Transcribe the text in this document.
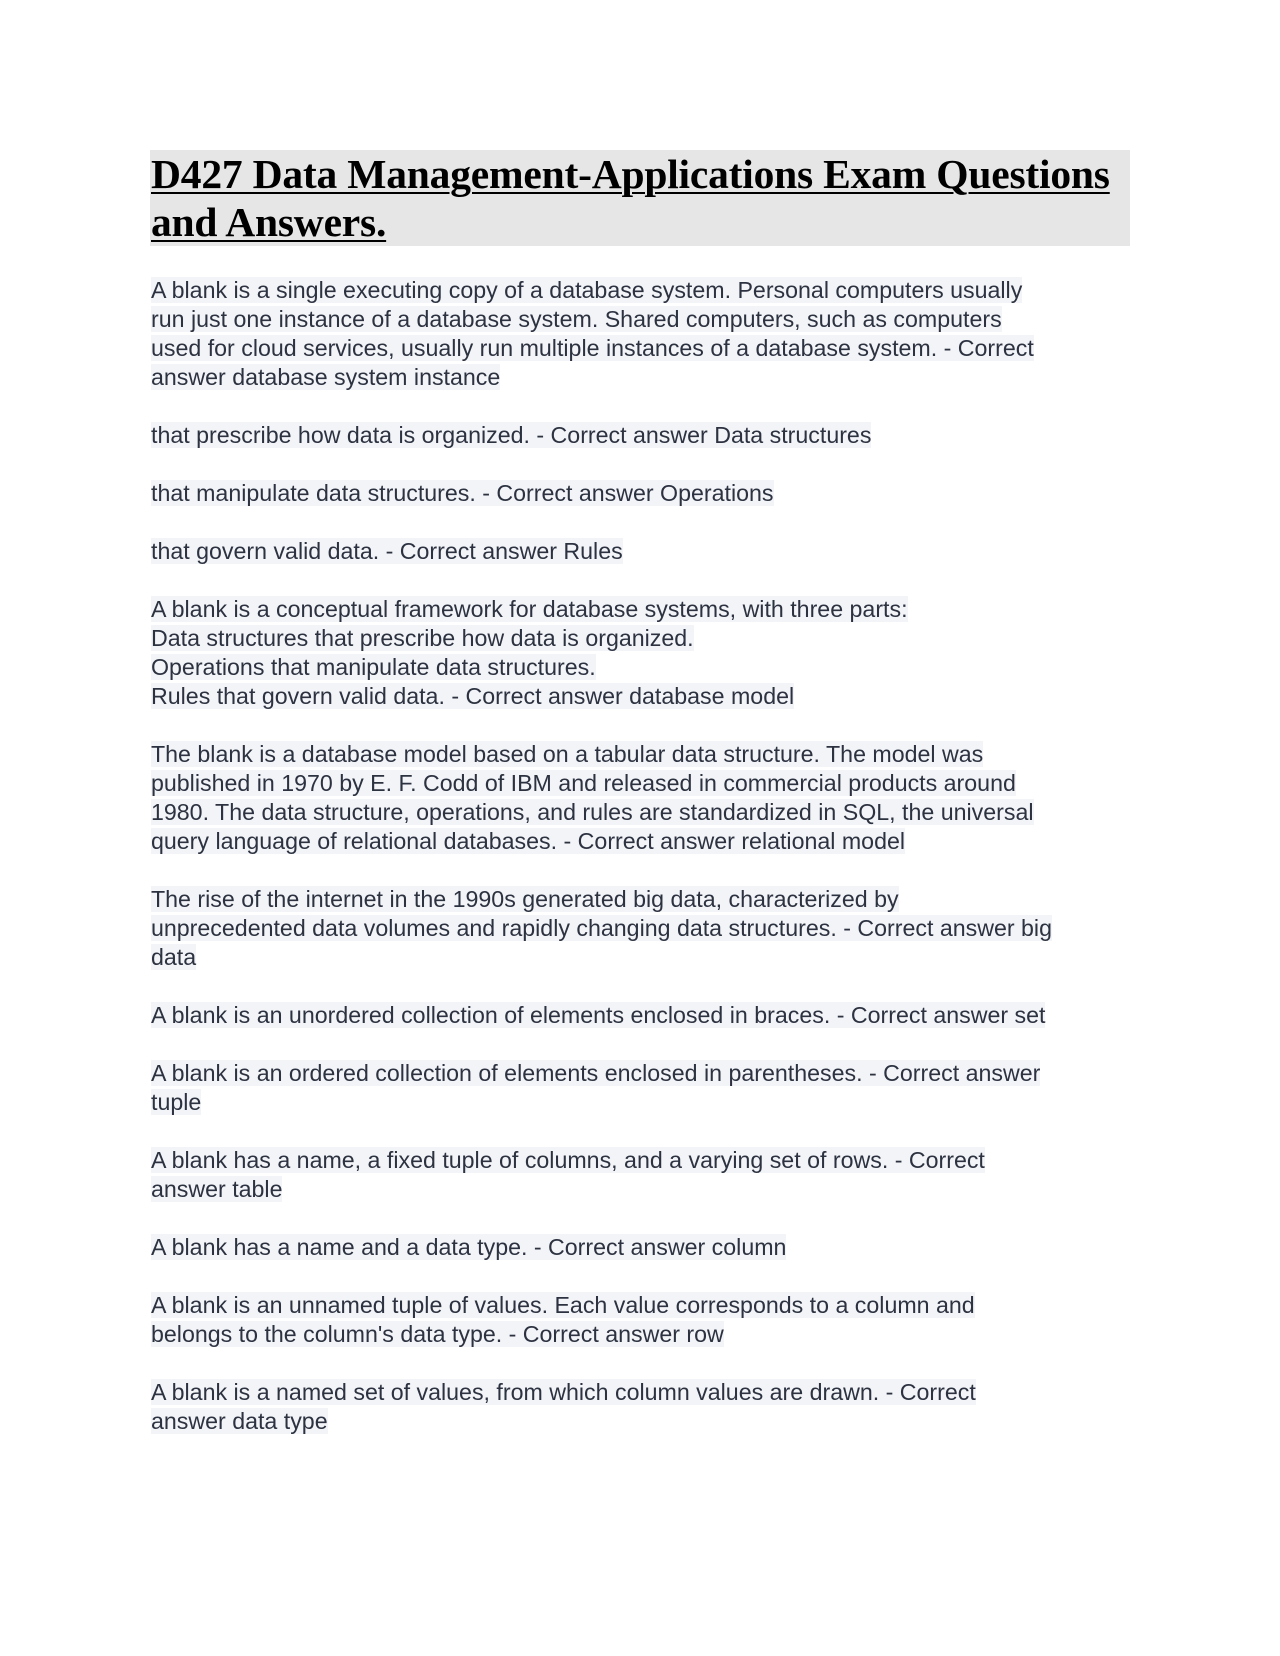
D427 Data Management-Applications Exam Questions
and Answers.

A blank is a single executing copy of a database system. Personal computers usually
run just one instance of a database system. Shared computers, such as computers
used for cloud services, usually run multiple instances of a database system. - Correct
answer database system instance

that prescribe how data is organized. - Correct answer Data structures

that manipulate data structures. - Correct answer Operations

that govern valid data. - Correct answer Rules

A blank is a conceptual framework for database systems, with three parts:
Data structures that prescribe how data is organized.
Operations that manipulate data structures.
Rules that govern valid data. - Correct answer database model

The blank is a database model based on a tabular data structure. The model was
published in 1970 by E. F. Codd of IBM and released in commercial products around
1980. The data structure, operations, and rules are standardized in SQL, the universal
query language of relational databases. - Correct answer relational model

The rise of the internet in the 1990s generated big data, characterized by
unprecedented data volumes and rapidly changing data structures. - Correct answer big
data

A blank is an unordered collection of elements enclosed in braces. - Correct answer set

A blank is an ordered collection of elements enclosed in parentheses. - Correct answer
tuple

A blank has a name, a fixed tuple of columns, and a varying set of rows. - Correct
answer table

A blank has a name and a data type. - Correct answer column

A blank is an unnamed tuple of values. Each value corresponds to a column and
belongs to the column's data type. - Correct answer row

A blank is a named set of values, from which column values are drawn. - Correct
answer data type
